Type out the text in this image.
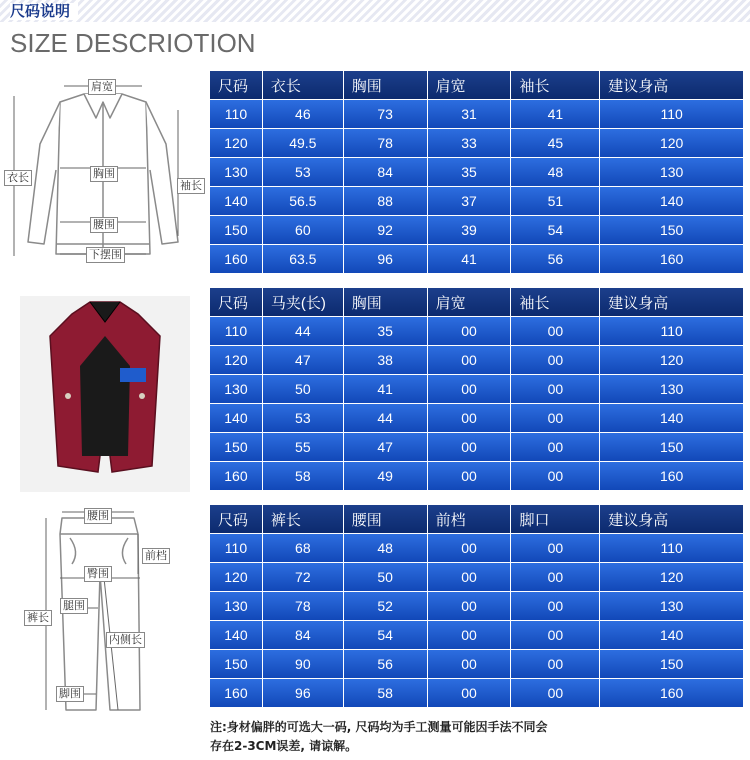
尺码说明
SIZE DESCRIOTION
肩宽
衣长	胸围
袖长
腰围
下摆围
腰围
前档
臀围
裤长
腿围
内侧长
脚围
尺码	衣长	胸围	肩宽	袖长	建议身高
110	46	73	31	41	110
120	49.5	78	33	45	120
130	53	84	35	48	130
140	56.5	88	37	51	140
150	60	92	39	54	150
160	63.5	96	41	56	160
尺码	马夹(长)	胸围	肩宽	袖长	建议身高
110	44	35	00	00	110
120	47	38	00	00	120
130	50	41	00	00	130
140	53	44	00	00	140
150	55	47	00	00	150
160	58	49	00	00	160
尺码	裤长	腰围	前档	脚口	建议身高
110	68	48	00	00	110
120	72	50	00	00	120
130	78	52	00	00	130
140	84	54	00	00	140
150	90	56	00	00	150
160	96	58	00	00	160
注:身材偏胖的可选大一码, 尺码均为手工测量可能因手法不同会
存在2-3CM误差, 请谅解。
